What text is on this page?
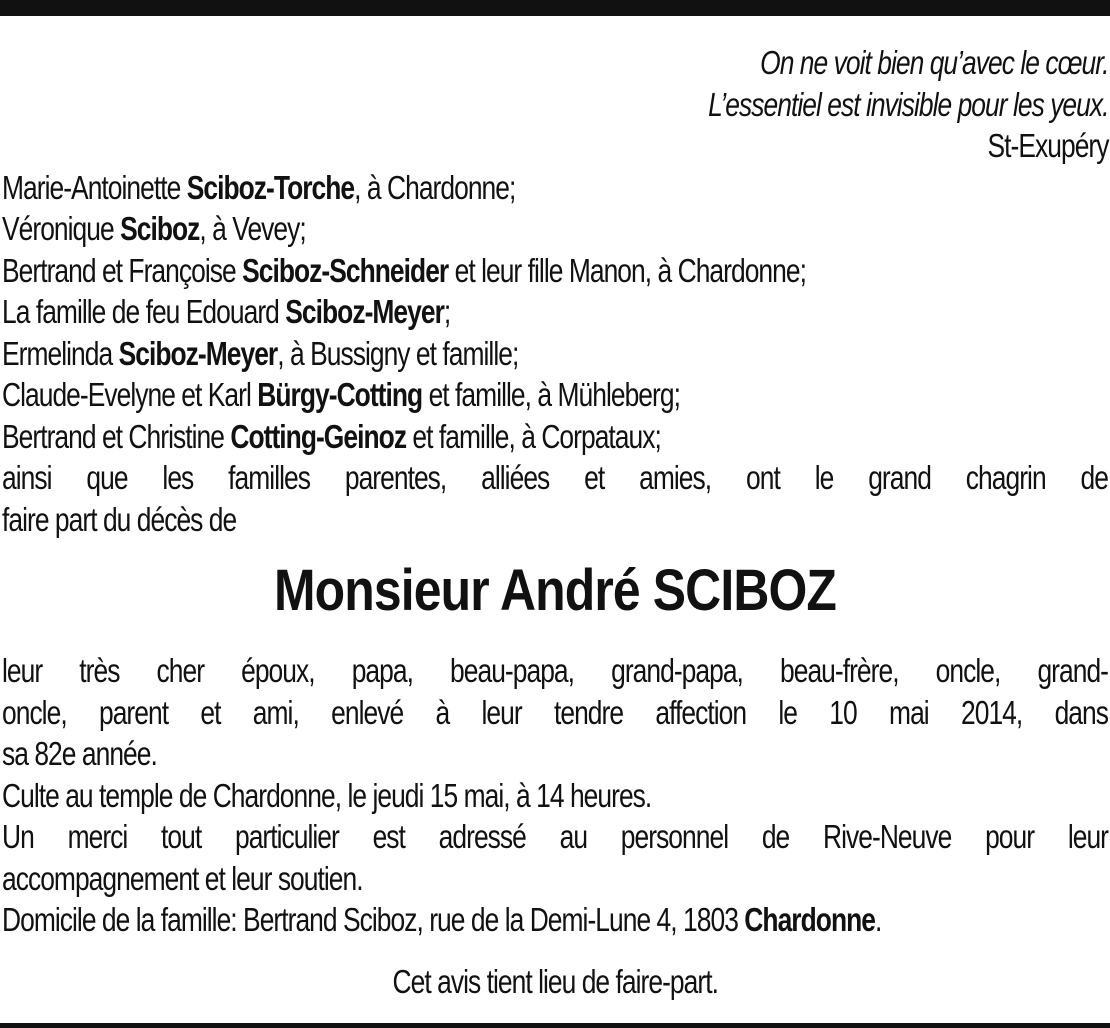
On ne voit bien qu’avec le cœur.
L’essentiel est invisible pour les yeux.
St-Exupéry
Marie-Antoinette Sciboz-Torche, à Chardonne;
Véronique Sciboz, à Vevey;
Bertrand et Françoise Sciboz-Schneider et leur fille Manon, à Chardonne;
La famille de feu Edouard Sciboz-Meyer;
Ermelinda Sciboz-Meyer, à Bussigny et famille;
Claude-Evelyne et Karl Bürgy-Cotting et famille, à Mühleberg;
Bertrand et Christine Cotting-Geinoz et famille, à Corpataux;
ainsi que les familles parentes, alliées et amies, ont le grand chagrin de
faire part du décès de
Monsieur André SCIBOZ
leur très cher époux, papa, beau-papa, grand-papa, beau-frère, oncle, grand-
oncle, parent et ami, enlevé à leur tendre affection le 10 mai 2014, dans
sa 82e année.
Culte au temple de Chardonne, le jeudi 15 mai, à 14 heures.
Un merci tout particulier est adressé au personnel de Rive-Neuve pour leur
accompagnement et leur soutien.
Domicile de la famille: Bertrand Sciboz, rue de la Demi-Lune 4, 1803 Chardonne.
Cet avis tient lieu de faire-part.
